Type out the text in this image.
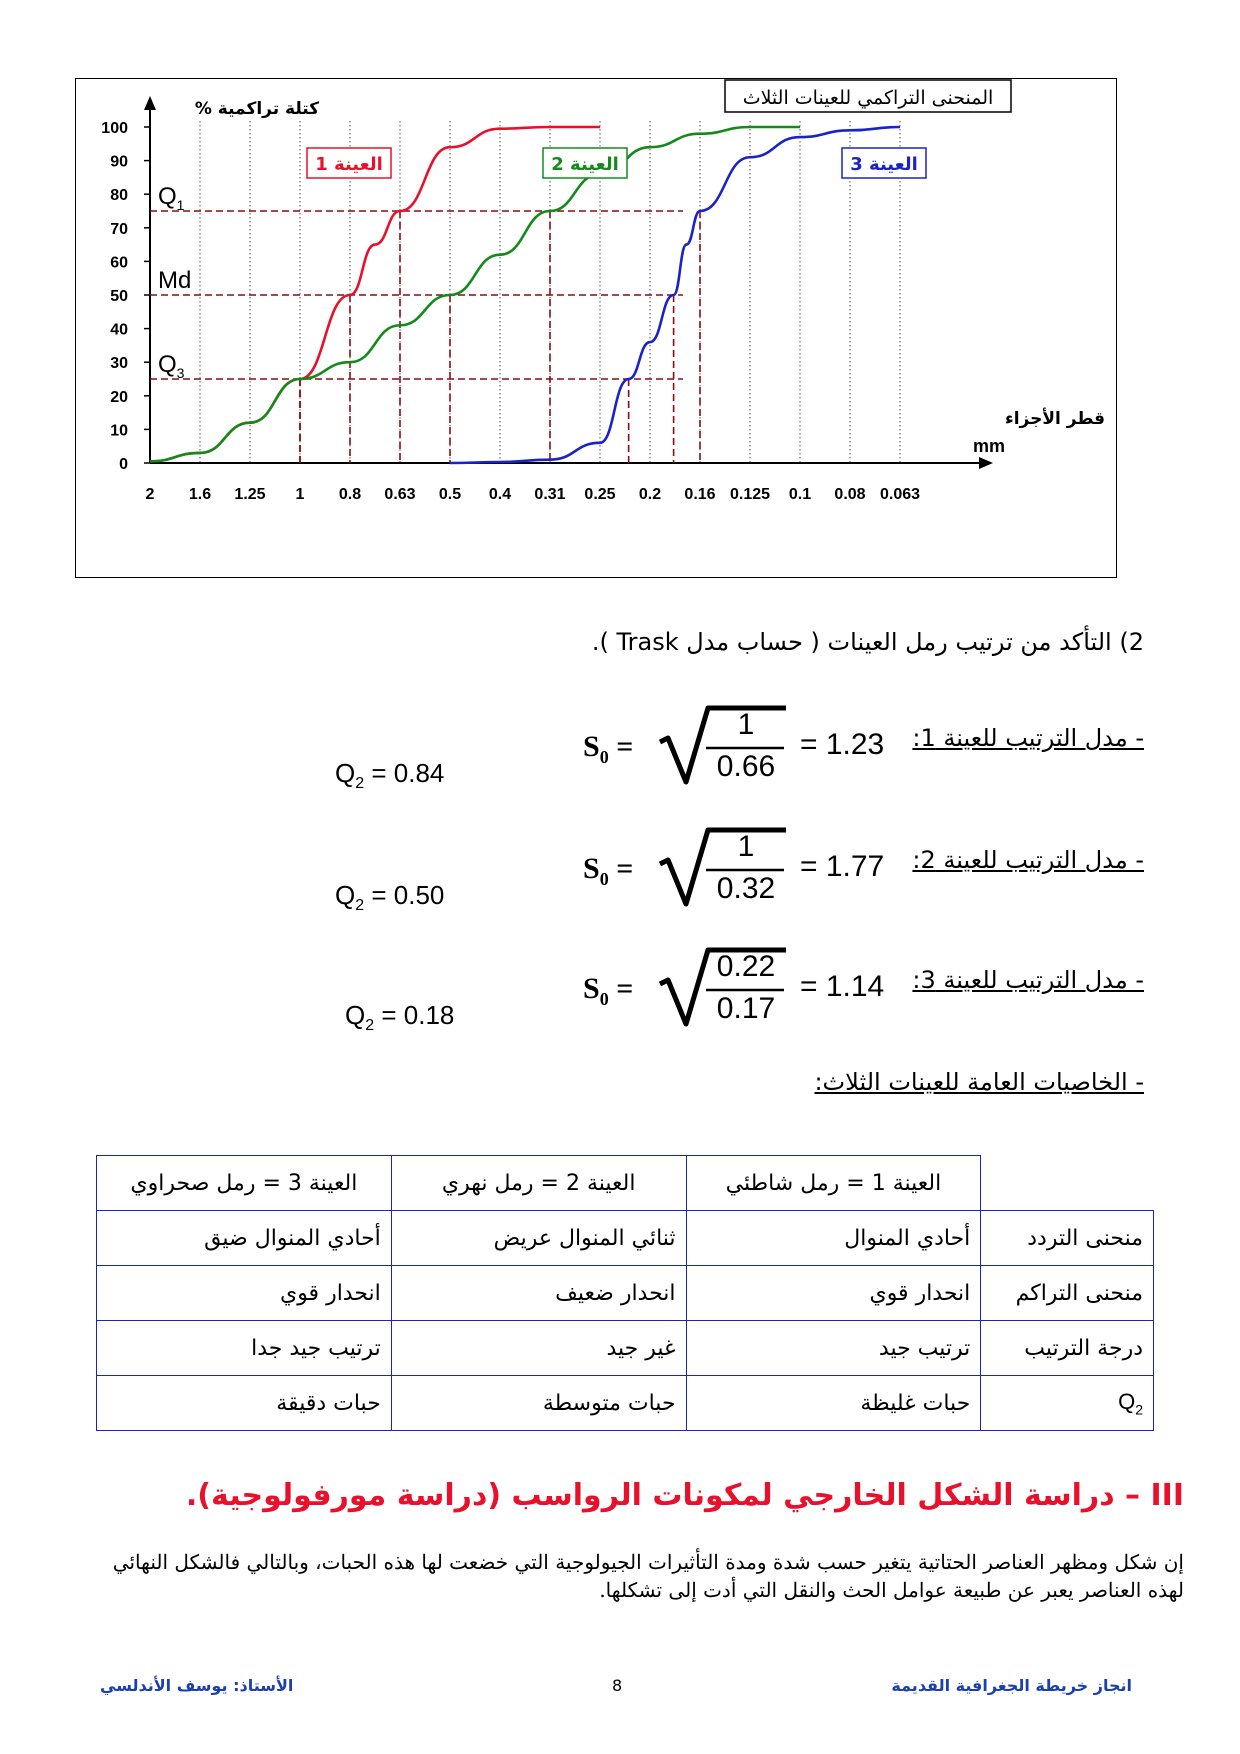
100
90
80
70
60
50
40
30
20
10
0
2 1.6 1.25 1 0.8 0.63 0.5 0.4 0.31 0.25 0.2 0.16 0.125 0.1 0.08 0.063
$Q_1$
Md
$Q_3$
العينة 1	العينة 2	العينة 3
المنحنى التراكمي للعينات الثلاث
كتلة تراكمية %
قطر الأجزاء
mm
2) التأكد من ترتيب رمل العينات ( حساب مدل Trask ).
- مدل الترتيب للعينة 1:
$S_0$ =
1
0.66
= 1.23
$Q_2 = 0.84$
- مدل الترتيب للعينة 2:
$S_0$ =
1
0.32
= 1.77
$Q_2 = 0.50$
- مدل الترتيب للعينة 3:
$S_0$ =
0.22
0.17
= 1.14
$Q_2 = 0.18$
- الخاصيات العامة للعينات الثلاث:
	العينة 1 = رمل شاطئي	العينة 2 = رمل نهري	العينة 3 = رمل صحراوي
منحنى التردد	أحادي المنوال	ثنائي المنوال عريض	أحادي المنوال ضيق
منحنى التراكم	انحدار قوي	انحدار ضعيف	انحدار قوي
درجة الترتيب	ترتيب جيد	غير جيد	ترتيب جيد جدا
$Q_2$	حبات غليظة	حبات متوسطة	حبات دقيقة
III – دراسة الشكل الخارجي لمكونات الرواسب (دراسة مورفولوجية).
إن شكل ومظهر العناصر الحتاتية يتغير حسب شدة ومدة التأثيرات الجيولوجية التي خضعت لها هذه الحبات، وبالتالي فالشكل النهائي لهذه العناصر يعبر عن طبيعة عوامل الحث والنقل التي أدت إلى تشكلها.
الأستاذ: يوسف الأندلسي	8	انجاز خريطة الجغرافية القديمة
